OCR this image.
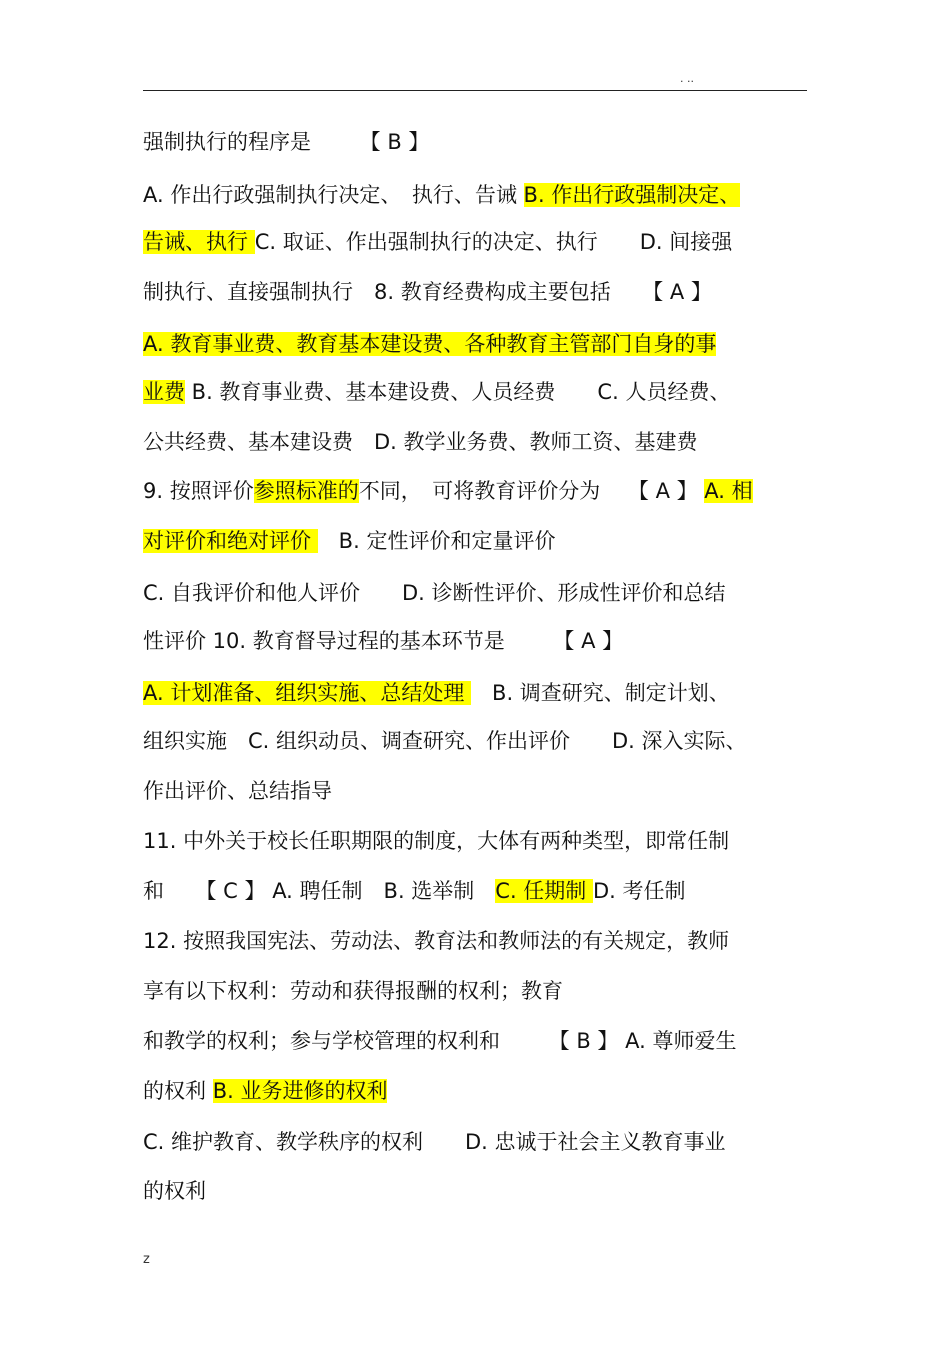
. ..
强制执行的程序是　　 【 B 】
A. 作出行政强制执行决定、　执行、告诫 B. 作出行政强制决定、
告诫、执行 C. 取证、作出强制执行的决定、执行　　D. 间接强
制执行、直接强制执行　8. 教育经费构成主要包括　　【 A 】
A. 教育事业费、教育基本建设费、各种教育主管部门自身的事
业费 B. 教育事业费、基本建设费、人员经费　　C. 人员经费、
公共经费、基本建设费　D. 教学业务费、教师工资、基建费
9. 按照评价参照标准的不同，　可将教育评价分为　 【 A 】 A. 相
对评价和绝对评价 　B. 定性评价和定量评价
C. 自我评价和他人评价　　D. 诊断性评价、形成性评价和总结
性评价 10. 教育督导过程的基本环节是　　 【 A 】
A. 计划准备、组织实施、总结处理 　B. 调查研究、制定计划、
组织实施　C. 组织动员、调查研究、作出评价　　D. 深入实际、
作出评价、总结指导
11. 中外关于校长任职期限的制度，大体有两种类型，即常任制
和　　【 C 】 A. 聘任制　B. 选举制　C. 任期制 D. 考任制
12. 按照我国宪法、劳动法、教育法和教师法的有关规定，教师
享有以下权利：劳动和获得报酬的权利；教育
和教学的权利；参与学校管理的权利和　　 【 B 】 A. 尊师爱生
的权利 B. 业务进修的权利
C. 维护教育、教学秩序的权利　　D. 忠诚于社会主义教育事业
的权利
z
